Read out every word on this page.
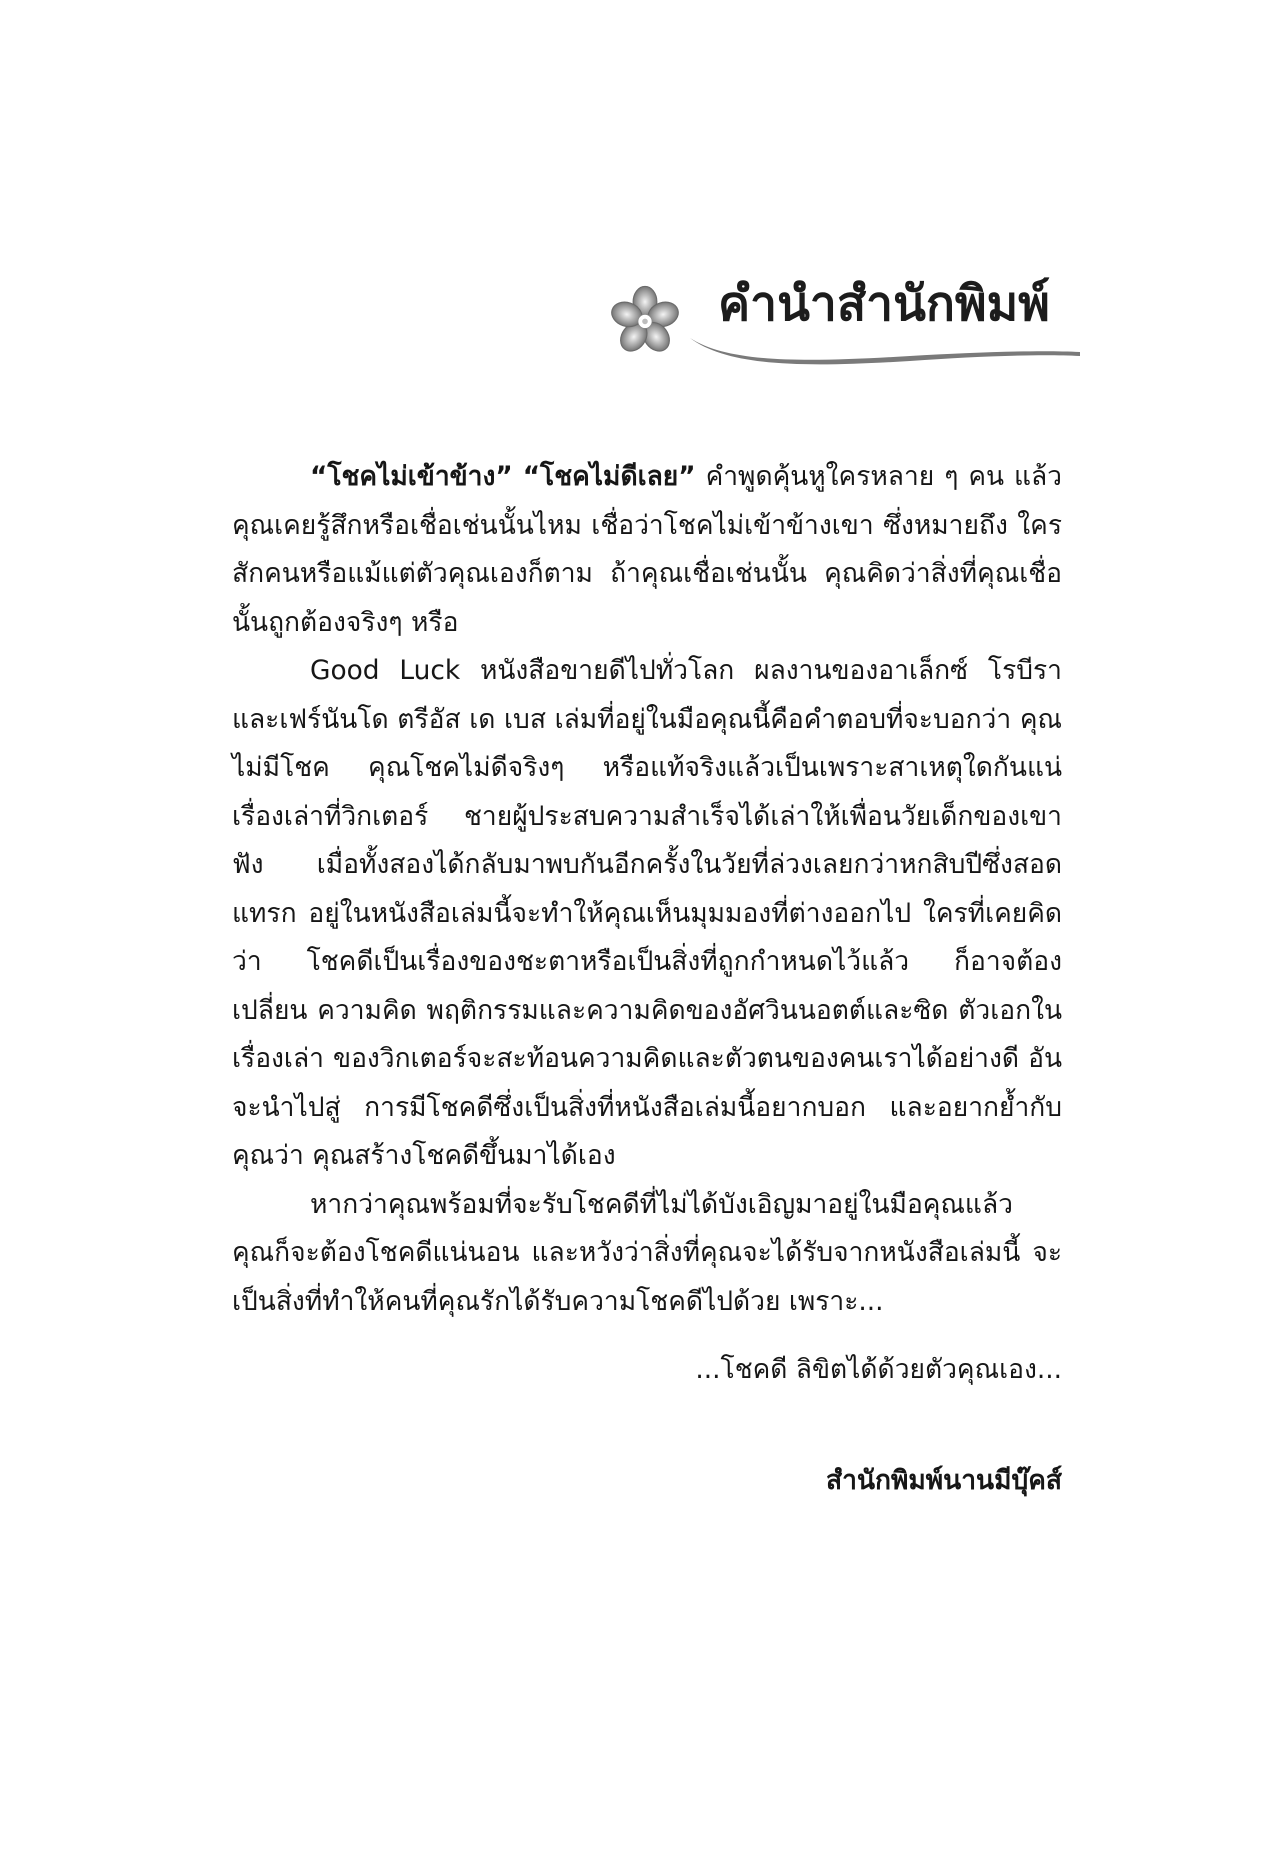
คำนำสำนักพิมพ์

“โชคไม่เข้าข้าง” “โชคไม่ดีเลย” คำพูดคุ้นหูใครหลาย ๆ คน แล้วคุณเคยรู้สึกหรือเชื่อเช่นนั้นไหม เชื่อว่าโชคไม่เข้าข้างเขา ซึ่งหมายถึง ใครสักคนหรือแม้แต่ตัวคุณเองก็ตาม ถ้าคุณเชื่อเช่นนั้น คุณคิดว่าสิ่งที่คุณเชื่อนั้นถูกต้องจริงๆ หรือ

Good Luck หนังสือขายดีไปทั่วโลก ผลงานของอาเล็กซ์ โรบีรา และเฟร์นันโด ตรีอัส เด เบส เล่มที่อยู่ในมือคุณนี้คือคำตอบที่จะบอกว่า คุณไม่มีโชค คุณโชคไม่ดีจริงๆ หรือแท้จริงแล้วเป็นเพราะสาเหตุใดกันแน่ เรื่องเล่าที่วิกเตอร์ ชายผู้ประสบความสำเร็จได้เล่าให้เพื่อนวัยเด็กของเขาฟัง เมื่อทั้งสองได้กลับมาพบกันอีกครั้งในวัยที่ล่วงเลยกว่าหกสิบปีซึ่งสอดแทรก อยู่ในหนังสือเล่มนี้จะทำให้คุณเห็นมุมมองที่ต่างออกไป ใครที่เคยคิดว่า โชคดีเป็นเรื่องของชะตาหรือเป็นสิ่งที่ถูกกำหนดไว้แล้ว ก็อาจต้องเปลี่ยน ความคิด พฤติกรรมและความคิดของอัศวินนอตต์และซิด ตัวเอกในเรื่องเล่า ของวิกเตอร์จะสะท้อนความคิดและตัวตนของคนเราได้อย่างดี อันจะนำไปสู่ การมีโชคดีซึ่งเป็นสิ่งที่หนังสือเล่มนี้อยากบอก และอยากย้ำกับคุณว่า คุณสร้างโชคดีขึ้นมาได้เอง

หากว่าคุณพร้อมที่จะรับโชคดีที่ไม่ได้บังเอิญมาอยู่ในมือคุณแล้ว คุณก็จะต้องโชคดีแน่นอน และหวังว่าสิ่งที่คุณจะได้รับจากหนังสือเล่มนี้ จะเป็นสิ่งที่ทำให้คนที่คุณรักได้รับความโชคดีไปด้วย เพราะ...

...โชคดี ลิขิตได้ด้วยตัวคุณเอง...

สำนักพิมพ์นานมีบุ๊คส์
